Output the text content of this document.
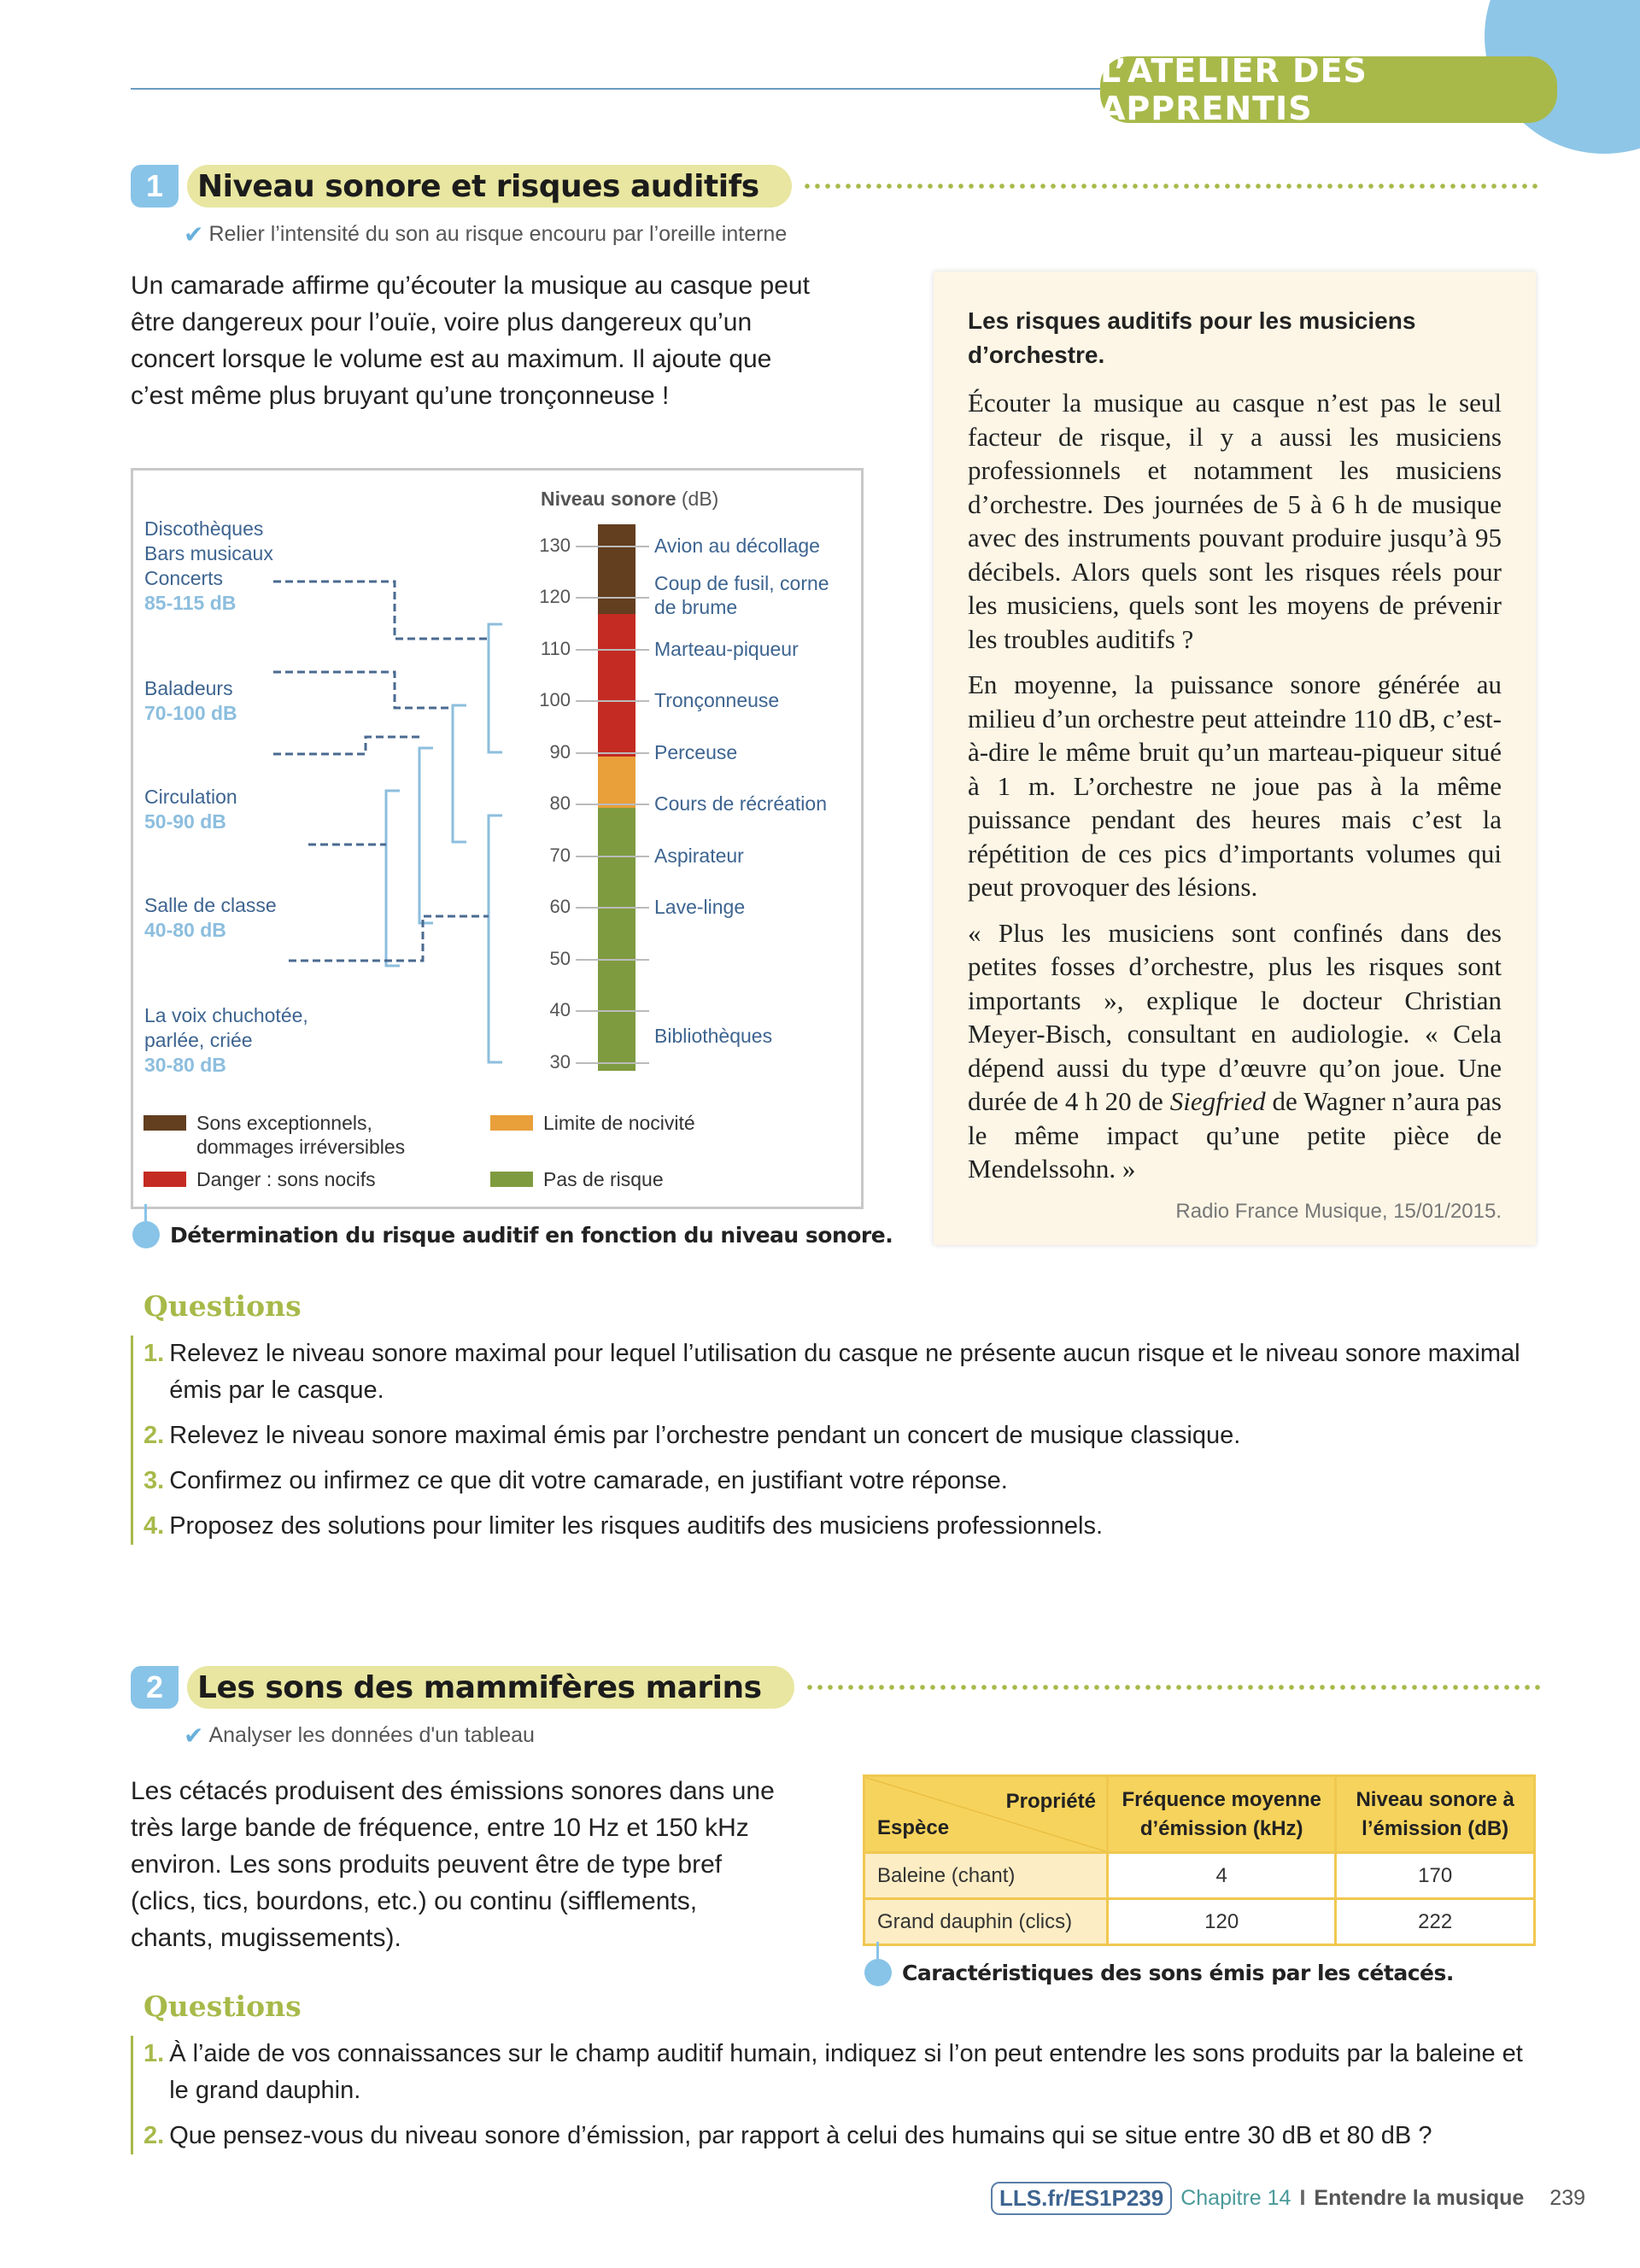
L’ATELIER DES APPRENTIS
1	Niveau sonore et risques auditifs
✔ Relier l’intensité du son au risque encouru par l’oreille interne
Un camarade affirme qu’écouter la musique au casque peut
être dangereux pour l’ouïe, voire plus dangereux qu’un
concert lorsque le volume est au maximum. Il ajoute que
c’est même plus bruyant qu’une tronçonneuse !
Discothèques
Bars musicaux
Concerts
85-115 dB
Baladeurs
70-100 dB
Circulation
50-90 dB
Salle de classe
40-80 dB
La voix chuchotée,
parlée, criée
30-80 dB
Niveau sonore (dB)
130
120
110
100
90
80
70
60
50
40
30
Avion au décollage
Coup de fusil, corne de brume
Marteau-piqueur
Tronçonneuse
Perceuse
Cours de récréation
Aspirateur
Lave-linge
Bibliothèques
Sons exceptionnels, dommages irréversibles
Limite de nocivité
Danger : sons nocifs	Pas de risque
Détermination du risque auditif en fonction du niveau sonore.
Les risques auditifs pour les musiciens d’orchestre.

Écouter la musique au casque n’est pas le seul facteur de risque, il y a aussi les musiciens professionnels et notamment les musiciens d’orchestre. Des journées de 5 à 6 h de musique avec des instruments pouvant produire jusqu’à 95 décibels. Alors quels sont les risques réels pour les musiciens, quels sont les moyens de prévenir les troubles auditifs ?

En moyenne, la puissance sonore générée au milieu d’un orchestre peut atteindre 110 dB, c’est-à-dire le même bruit qu’un marteau-piqueur situé à 1 m. L’orchestre ne joue pas à la même puissance pendant des heures mais c’est la répétition de ces pics d’importants volumes qui peut provoquer des lésions.

« Plus les musiciens sont confinés dans des petites fosses d’orchestre, plus les risques sont importants », explique le docteur Christian Meyer-Bisch, consultant en audiologie. « Cela dépend aussi du type d’œuvre qu’on joue. Une durée de 4 h 20 de Siegfried de Wagner n’aura pas le même impact qu’une petite pièce de Mendelssohn. »

Radio France Musique, 15/01/2015.
Questions
1. Relevez le niveau sonore maximal pour lequel l’utilisation du casque ne présente aucun risque et le niveau sonore maximal émis par le casque.
2. Relevez le niveau sonore maximal émis par l’orchestre pendant un concert de musique classique.
3. Confirmez ou infirmez ce que dit votre camarade, en justifiant votre réponse.
4. Proposez des solutions pour limiter les risques auditifs des musiciens professionnels.
2	Les sons des mammifères marins
✔ Analyser les données d'un tableau
Les cétacés produisent des émissions sonores dans une
très large bande de fréquence, entre 10 Hz et 150 kHz
environ. Les sons produits peuvent être de type bref
(clics, tics, bourdons, etc.) ou continu (sifflements,
chants, mugissements).
Propriété
Espèce	Fréquence moyenne d’émission (kHz)	Niveau sonore à l’émission (dB)
Baleine (chant)	4	170
Grand dauphin (clics)	120	222
Caractéristiques des sons émis par les cétacés.
Questions
1. À l’aide de vos connaissances sur le champ auditif humain, indiquez si l’on peut entendre les sons produits par la baleine et le grand dauphin.
2. Que pensez-vous du niveau sonore d’émission, par rapport à celui des humains qui se situe entre 30 dB et 80 dB ?
LLS.fr/ES1P239 Chapitre 14 I Entendre la musique 239
